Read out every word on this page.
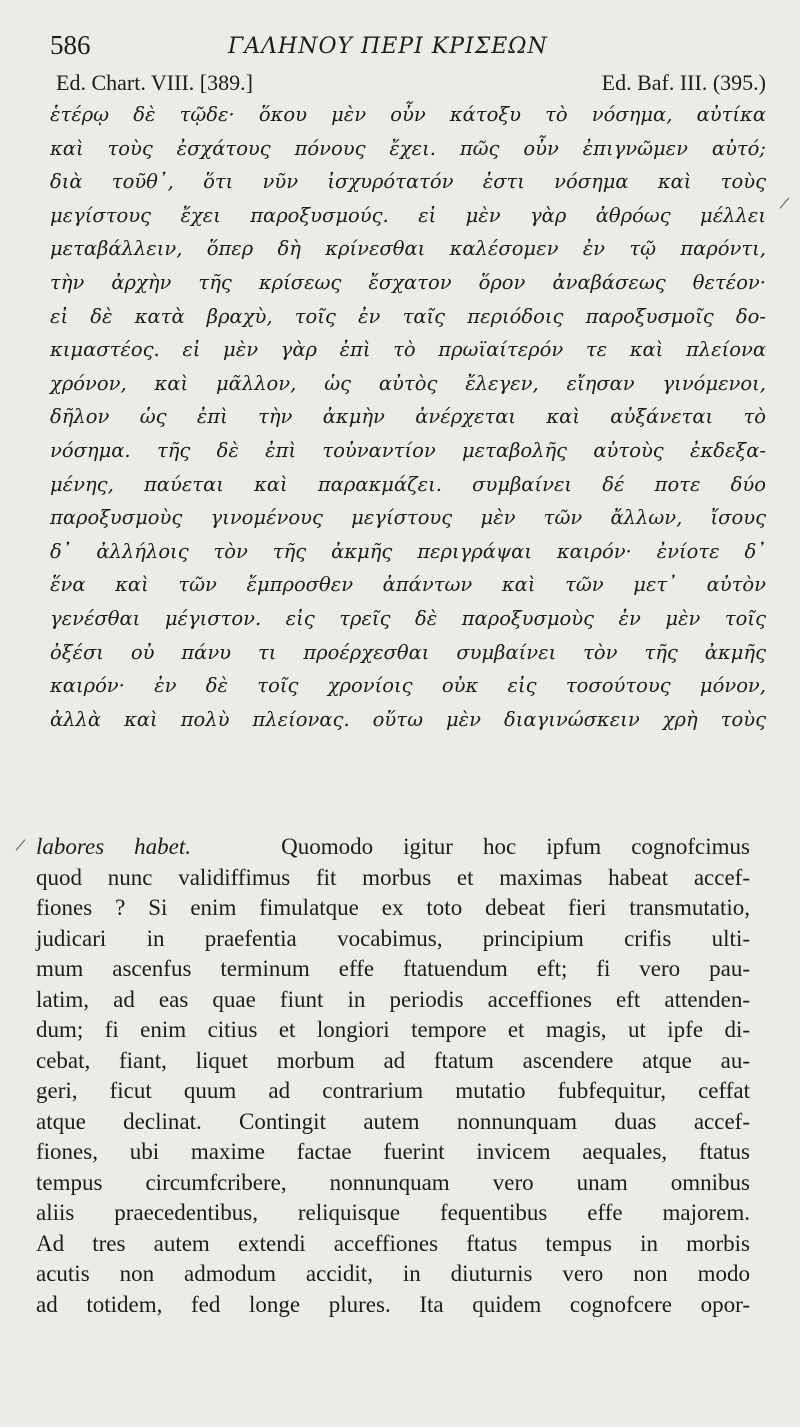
586	ΓΑΛΗΝΟΥ ΠΕΡΙ ΚΡΙΣΕΩΝ
Ed. Chart. VIII. [389.]	Ed. Baf. III. (395.)
ἑτέρῳ δὲ τῷδε· ὅκου μὲν οὖν κάτοξυ τὸ νόσημα, αὐτίκα
καὶ τοὺς ἐσχάτους πόνους ἔχει. πῶς οὖν ἐπιγνῶμεν αὐτό;
διὰ τοῦθ᾽, ὅτι νῦν ἰσχυρότατόν ἐστι νόσημα καὶ τοὺς
μεγίστους ἔχει παροξυσμούς. εἰ μὲν γὰρ ἀθρόως μέλλει
μεταβάλλειν, ὅπερ δὴ κρίνεσθαι καλέσομεν ἐν τῷ παρόντι,
τὴν ἀρχὴν τῆς κρίσεως ἔσχατον ὅρον ἀναβάσεως θετέον·
εἰ δὲ κατὰ βραχὺ, τοῖς ἐν ταῖς περιόδοις παροξυσμοῖς δο-
κιμαστέος. εἰ μὲν γὰρ ἐπὶ τὸ πρωϊαίτερόν τε καὶ πλείονα
χρόνον, καὶ μᾶλλον, ὡς αὐτὸς ἔλεγεν, εἴησαν γινόμενοι,
δῆλον ὡς ἐπὶ τὴν ἀκμὴν ἀνέρχεται καὶ αὐξάνεται τὸ
νόσημα. τῆς δὲ ἐπὶ τοὐναντίον μεταβολῆς αὐτοὺς ἐκδεξα-
μένης, παύεται καὶ παρακμάζει. συμβαίνει δέ ποτε δύο
παροξυσμοὺς γινομένους μεγίστους μὲν τῶν ἄλλων, ἴσους
δ᾽ ἀλλήλοις τὸν τῆς ἀκμῆς περιγράψαι καιρόν· ἐνίοτε δ᾽
ἕνα καὶ τῶν ἔμπροσθεν ἁπάντων καὶ τῶν μετ᾽ αὐτὸν
γενέσθαι μέγιστον. εἰς τρεῖς δὲ παροξυσμοὺς ἐν μὲν τοῖς
ὀξέσι οὐ πάνυ τι προέρχεσθαι συμβαίνει τὸν τῆς ἀκμῆς
καιρόν· ἐν δὲ τοῖς χρονίοις οὐκ εἰς τοσούτους μόνον,
ἀλλὰ καὶ πολὺ πλείονας. οὕτω μὲν διαγινώσκειν χρὴ τοὺς
labores habet.	Quomodo igitur hoc ipfum cognofcimus
quod nunc validiffimus fit morbus et maximas habeat accef-
fiones ? Si enim fimulatque ex toto debeat fieri transmutatio,
judicari in praefentia vocabimus, principium crifis ulti-
mum ascenfus terminum effe ftatuendum eft; fi vero pau-
latim, ad eas quae fiunt in periodis acceffiones eft attenden-
dum; fi enim citius et longiori tempore et magis, ut ipfe di-
cebat, fiant, liquet morbum ad ftatum ascendere atque au-
geri, ficut quum ad contrarium mutatio fubfequitur, ceffat
atque declinat. Contingit autem nonnunquam duas accef-
fiones, ubi maxime factae fuerint invicem aequales, ftatus
tempus circumfcribere, nonnunquam vero unam omnibus
aliis praecedentibus, reliquisque fequentibus effe majorem.
Ad tres autem extendi acceffiones ftatus tempus in morbis
acutis non admodum accidit, in diuturnis vero non modo
ad totidem, fed longe plures. Ita quidem cognofcere opor-
